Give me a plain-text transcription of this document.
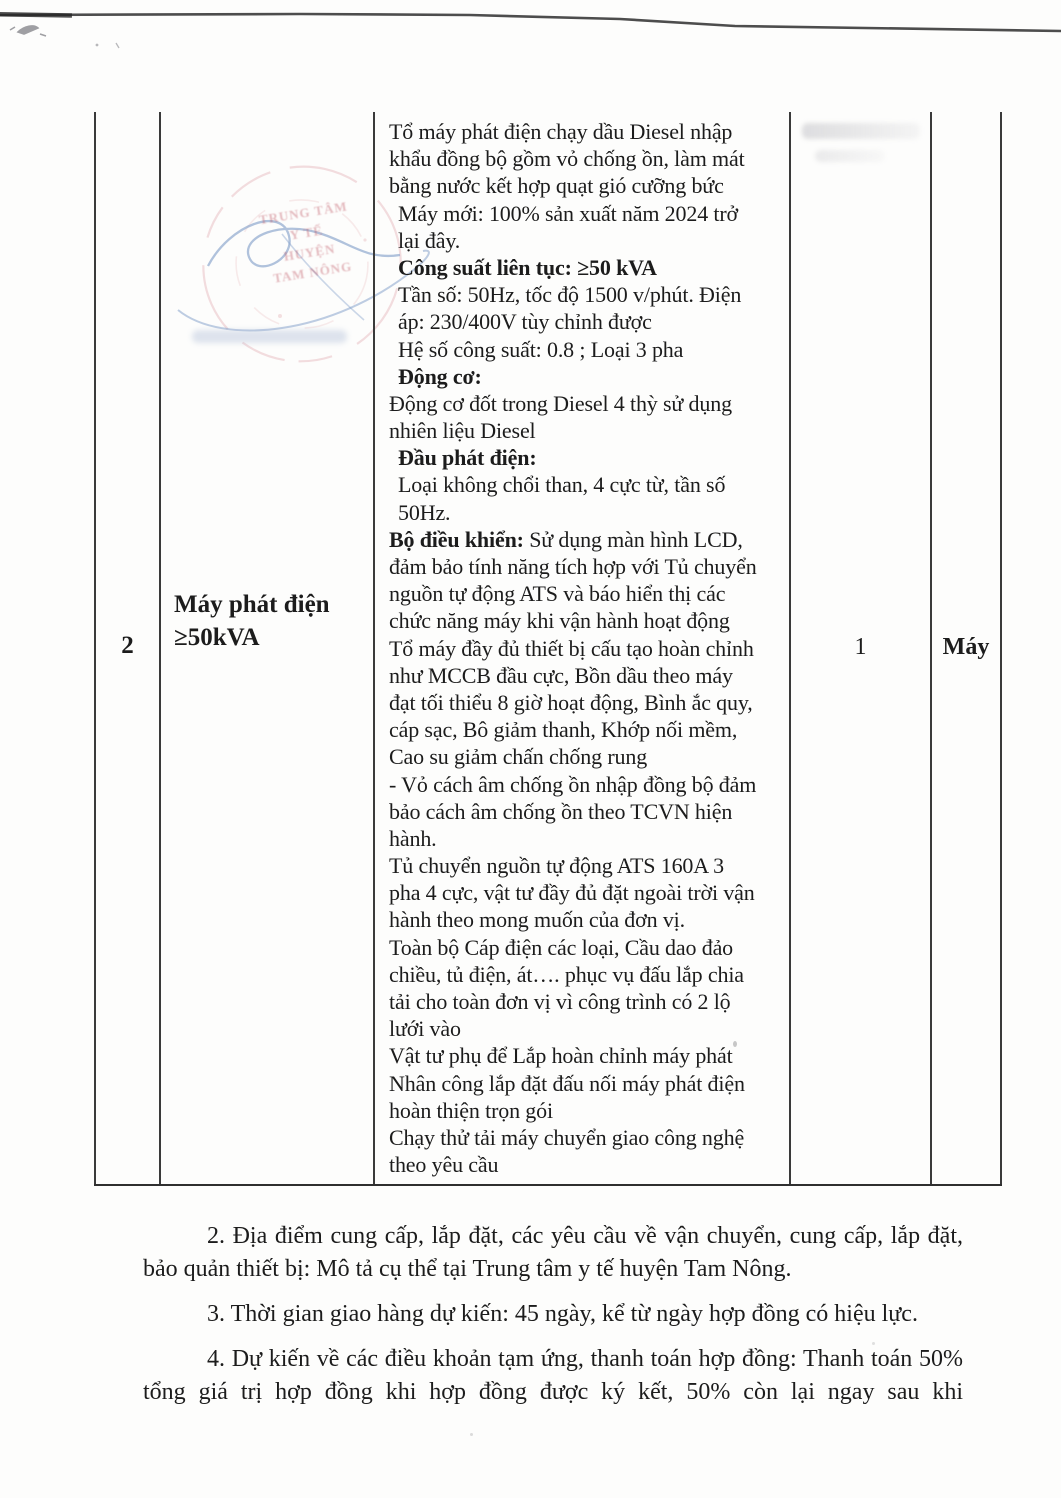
TRUNG TÂM
Y TẾ
HUYỆN
TAM NÔNG
2
Máy phát điện
≥50kVA
Tổ máy phát điện chạy dầu Diesel nhập
khẩu đồng bộ gồm vỏ chống ồn, làm mát
bằng nước kết hợp quạt gió cưỡng bức
Máy mới: 100% sản xuất năm 2024 trở
lại đây.
Công suất liên tục: ≥50 kVA
Tần số: 50Hz, tốc độ 1500 v/phút. Điện
áp: 230/400V tùy chỉnh được
Hệ số công suất: 0.8 ; Loại 3 pha
Động cơ:
Động cơ đốt trong Diesel 4 thỳ sử dụng
nhiên liệu Diesel
Đầu phát điện:
Loại không chổi than, 4 cực từ, tần số
50Hz.
Bộ điều khiển: Sử dụng màn hình LCD,
đảm bảo tính năng tích hợp với Tủ chuyển
nguồn tự động ATS và báo hiển thị các
chức năng máy khi vận hành hoạt động
Tổ máy đầy đủ thiết bị cấu tạo hoàn chỉnh
như MCCB đầu cực, Bồn dầu theo máy
đạt tối thiểu 8 giờ hoạt động, Bình ắc quy,
cáp sạc, Bô giảm thanh, Khớp nối mềm,
Cao su giảm chấn chống rung
- Vỏ cách âm chống ồn nhập đồng bộ đảm
bảo cách âm chống ồn theo TCVN hiện
hành.
Tủ chuyển nguồn tự động ATS 160A 3
pha 4 cực, vật tư đầy đủ đặt ngoài trời vận
hành theo mong muốn của đơn vị.
Toàn bộ Cáp điện các loại, Cầu dao đảo
chiều, tủ điện, át…. phục vụ đấu lắp chia
tải cho toàn đơn vị vì công trình có 2 lộ
lưới vào
Vật tư phụ để Lắp hoàn chỉnh máy phát
Nhân công lắp đặt đấu nối máy phát điện
hoàn thiện trọn gói
Chạy thử tải máy chuyển giao công nghệ
theo yêu cầu
1	Máy

2. Địa điểm cung cấp, lắp đặt, các yêu cầu về vận chuyển, cung cấp, lắp đặt, bảo quản thiết bị: Mô tả cụ thể tại Trung tâm y tế huyện Tam Nông.

3. Thời gian giao hàng dự kiến: 45 ngày, kể từ ngày hợp đồng có hiệu lực.

4. Dự kiến về các điều khoản tạm ứng, thanh toán hợp đồng: Thanh toán 50% tổng giá trị hợp đồng khi hợp đồng được ký kết, 50% còn lại ngay sau khi
